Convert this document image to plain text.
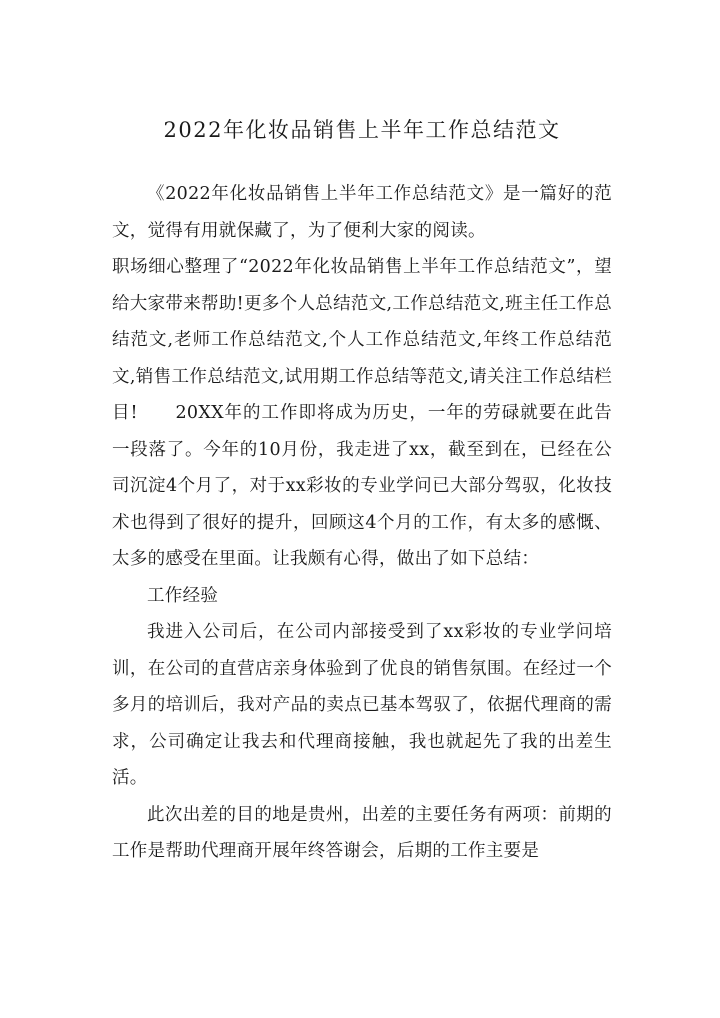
2022年化妆品销售上半年工作总结范文

《2022年化妆品销售上半年工作总结范文》是一篇好的范文，觉得有用就保藏了，为了便利大家的阅读。

职场细心整理了“2022年化妆品销售上半年工作总结范文”，望给大家带来帮助!更多个人总结范文,工作总结范文,班主任工作总结范文,老师工作总结范文,个人工作总结范文,年终工作总结范文,销售工作总结范文,试用期工作总结等范文,请关注工作总结栏目!　　20XX年的工作即将成为历史，一年的劳碌就要在此告一段落了。今年的10月份，我走进了xx，截至到在，已经在公司沉淀4个月了，对于xx彩妆的专业学问已大部分驾驭，化妆技术也得到了很好的提升，回顾这4个月的工作，有太多的感慨、太多的感受在里面。让我颇有心得，做出了如下总结：

工作经验

我进入公司后，在公司内部接受到了xx彩妆的专业学问培训，在公司的直营店亲身体验到了优良的销售氛围。在经过一个多月的培训后，我对产品的卖点已基本驾驭了，依据代理商的需求，公司确定让我去和代理商接触，我也就起先了我的出差生活。

此次出差的目的地是贵州，出差的主要任务有两项：前期的工作是帮助代理商开展年终答谢会，后期的工作主要是
